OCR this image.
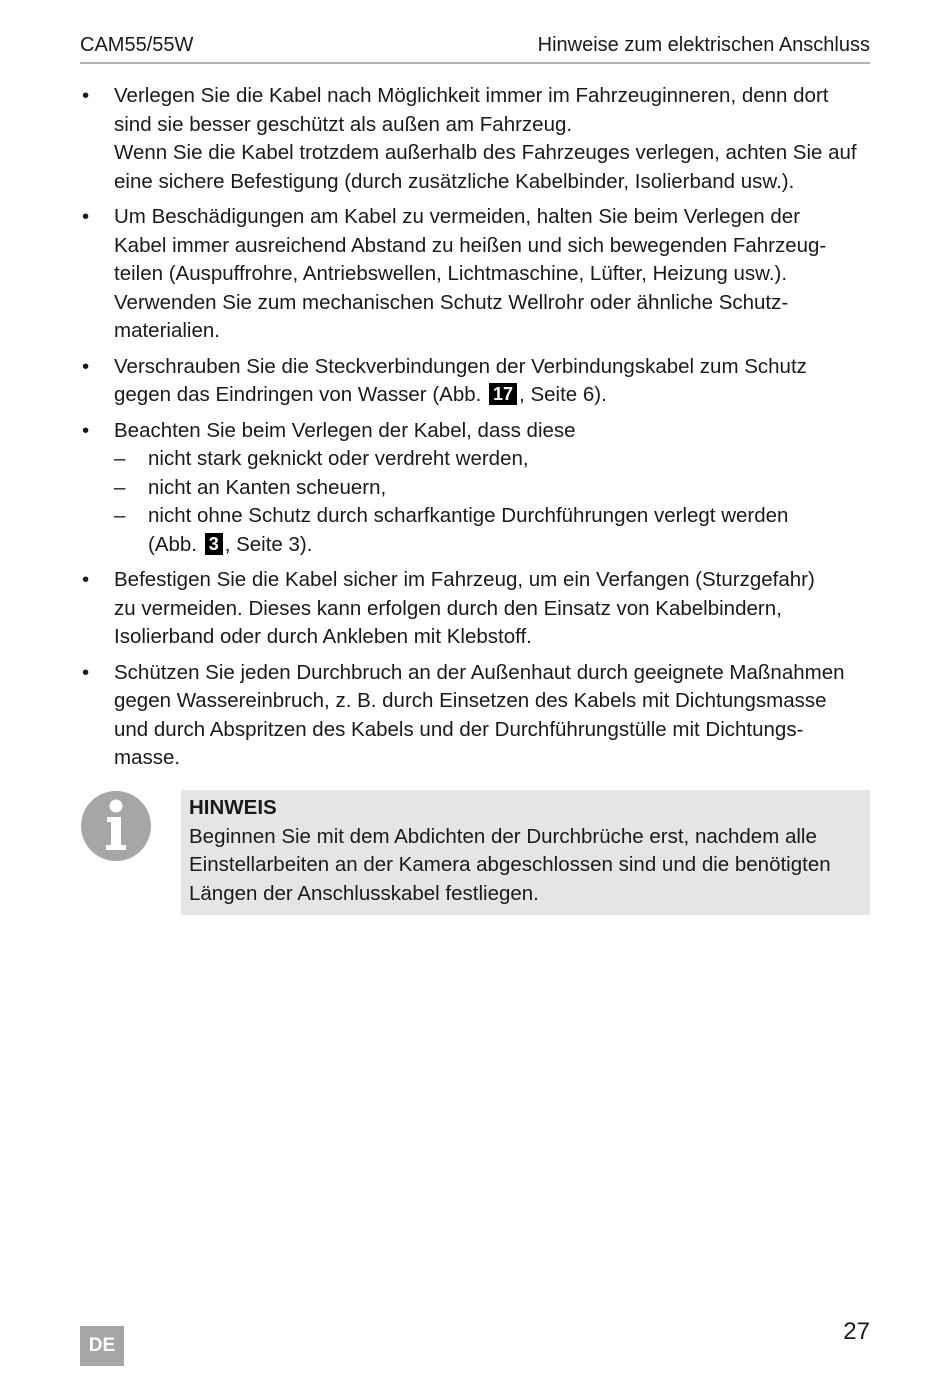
CAM55/55W	Hinweise zum elektrischen Anschluss
• Verlegen Sie die Kabel nach Möglichkeit immer im Fahrzeuginneren, denn dort
sind sie besser geschützt als außen am Fahrzeug.
Wenn Sie die Kabel trotzdem außerhalb des Fahrzeuges verlegen, achten Sie auf
eine sichere Befestigung (durch zusätzliche Kabelbinder, Isolierband usw.).
• Um Beschädigungen am Kabel zu vermeiden, halten Sie beim Verlegen der
Kabel immer ausreichend Abstand zu heißen und sich bewegenden Fahrzeug-
teilen (Auspuffrohre, Antriebswellen, Lichtmaschine, Lüfter, Heizung usw.).
Verwenden Sie zum mechanischen Schutz Wellrohr oder ähnliche Schutz-
materialien.
• Verschrauben Sie die Steckverbindungen der Verbindungskabel zum Schutz
gegen das Eindringen von Wasser (Abb. 17 , Seite 6).
• Beachten Sie beim Verlegen der Kabel, dass diese
– nicht stark geknickt oder verdreht werden,
– nicht an Kanten scheuern,
– nicht ohne Schutz durch scharfkantige Durchführungen verlegt werden
(Abb. 3 , Seite 3).
• Befestigen Sie die Kabel sicher im Fahrzeug, um ein Verfangen (Sturzgefahr)
zu vermeiden. Dieses kann erfolgen durch den Einsatz von Kabelbindern,
Isolierband oder durch Ankleben mit Klebstoff.
• Schützen Sie jeden Durchbruch an der Außenhaut durch geeignete Maßnahmen
gegen Wassereinbruch, z. B. durch Einsetzen des Kabels mit Dichtungsmasse
und durch Abspritzen des Kabels und der Durchführungstülle mit Dichtungs-
masse.
HINWEIS
Beginnen Sie mit dem Abdichten der Durchbrüche erst, nachdem alle
Einstellarbeiten an der Kamera abgeschlossen sind und die benötigten
Längen der Anschlusskabel festliegen.
DE
27
